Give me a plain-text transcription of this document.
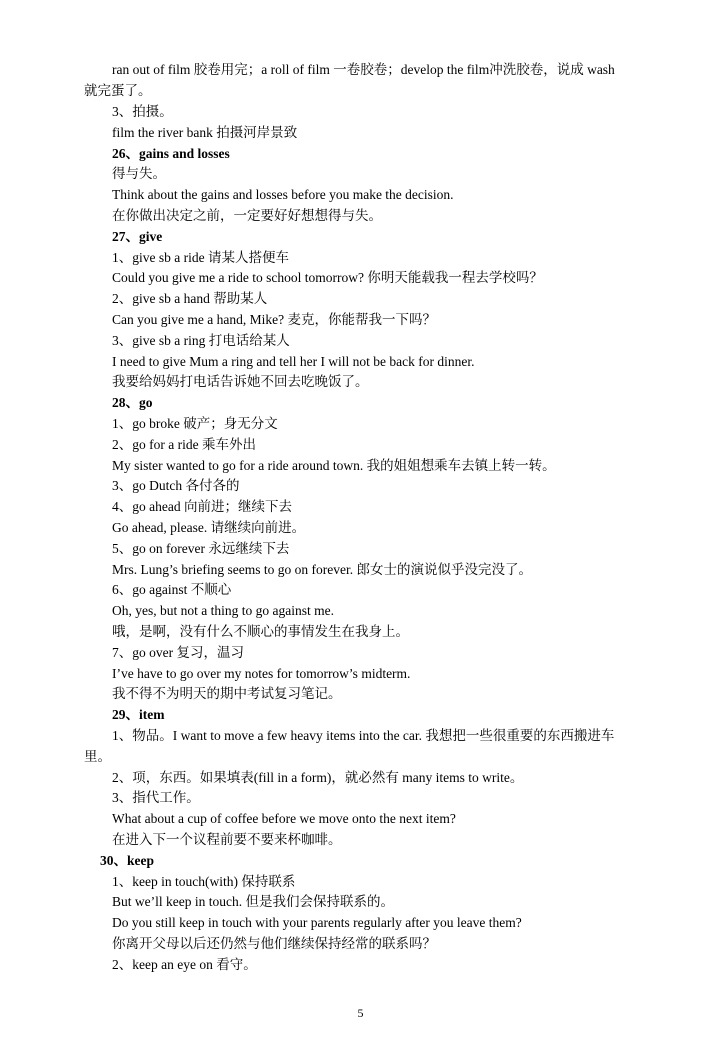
ran out of film 胶卷用完；a roll of film 一卷胶卷；develop the film冲洗胶卷，说成 wash
就完蛋了。
3、拍摄。
film the river bank 拍摄河岸景致
26、gains and losses
得与失。
Think about the gains and losses before you make the decision.
在你做出决定之前，一定要好好想想得与失。
27、give
1、give sb a ride 请某人搭便车
Could you give me a ride to school tomorrow? 你明天能载我一程去学校吗？
2、give sb a hand 帮助某人
Can you give me a hand, Mike? 麦克，你能帮我一下吗？
3、give sb a ring 打电话给某人
I need to give Mum a ring and tell her I will not be back for dinner.
我要给妈妈打电话告诉她不回去吃晚饭了。
28、go
1、go broke 破产；身无分文
2、go for a ride 乘车外出
My sister wanted to go for a ride around town. 我的姐姐想乘车去镇上转一转。
3、go Dutch 各付各的
4、go ahead 向前进；继续下去
Go ahead, please. 请继续向前进。
5、go on forever 永远继续下去
Mrs. Lung’s briefing seems to go on forever. 郎女士的演说似乎没完没了。
6、go against 不顺心
Oh, yes, but not a thing to go against me.
哦，是啊，没有什么不顺心的事情发生在我身上。
7、go over 复习，温习
I’ve have to go over my notes for tomorrow’s midterm.
我不得不为明天的期中考试复习笔记。
29、item
1、物品。I want to move a few heavy items into the car. 我想把一些很重要的东西搬进车
里。
2、项，东西。如果填表(fill in a form)，就必然有 many items to write。
3、指代工作。
What about a cup of coffee before we move onto the next item?
在进入下一个议程前要不要来杯咖啡。
30、keep
1、keep in touch(with) 保持联系
But we’ll keep in touch. 但是我们会保持联系的。
Do you still keep in touch with your parents regularly after you leave them?
你离开父母以后还仍然与他们继续保持经常的联系吗？
2、keep an eye on 看守。
5
